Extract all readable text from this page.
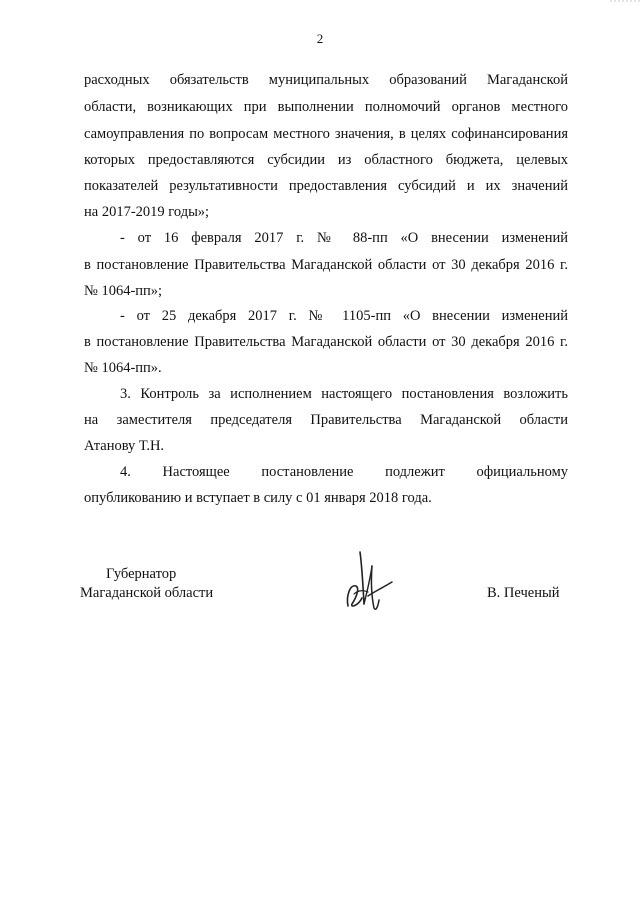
2
расходных обязательств муниципальных образований Магаданской
области, возникающих при выполнении полномочий органов местного
самоуправления по вопросам местного значения, в целях софинансирования
которых предоставляются субсидии из областного бюджета, целевых
показателей результативности предоставления субсидий и их значений
на 2017-2019 годы»;
- от 16 февраля 2017 г. № 88-пп «О внесении изменений
в постановление Правительства Магаданской области от 30 декабря 2016 г.
№ 1064-пп»;
- от 25 декабря 2017 г. № 1105-пп «О внесении изменений
в постановление Правительства Магаданской области от 30 декабря 2016 г.
№ 1064-пп».
3. Контроль за исполнением настоящего постановления возложить
на заместителя председателя Правительства Магаданской области
Атанову Т.Н.
4. Настоящее постановление подлежит официальному
опубликованию и вступает в силу с 01 января 2018 года.
Губернатор
Магаданской области	В. Печеный
